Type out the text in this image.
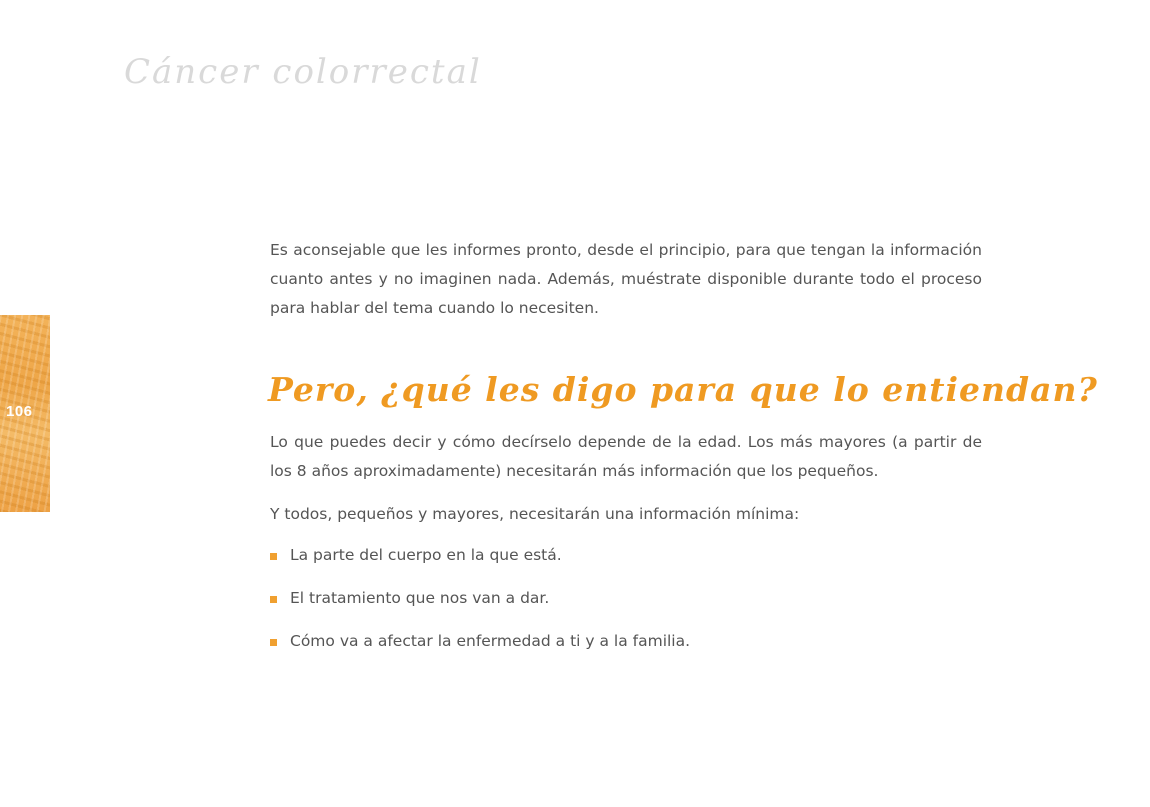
Cáncer colorrectal
106

Es aconsejable que les informes pronto, desde el principio, para que tengan la información cuanto antes y no imaginen nada. Además, muéstrate disponible durante todo el proceso para hablar del tema cuando lo necesiten.

Pero, ¿qué les digo para que lo entiendan?

Lo que puedes decir y cómo decírselo depende de la edad. Los más mayores (a partir de los 8 años aproximadamente) necesitarán más información que los pequeños.

Y todos, pequeños y mayores, necesitarán una información mínima:

La parte del cuerpo en la que está.
El tratamiento que nos van a dar.
Cómo va a afectar la enfermedad a ti y a la familia.
